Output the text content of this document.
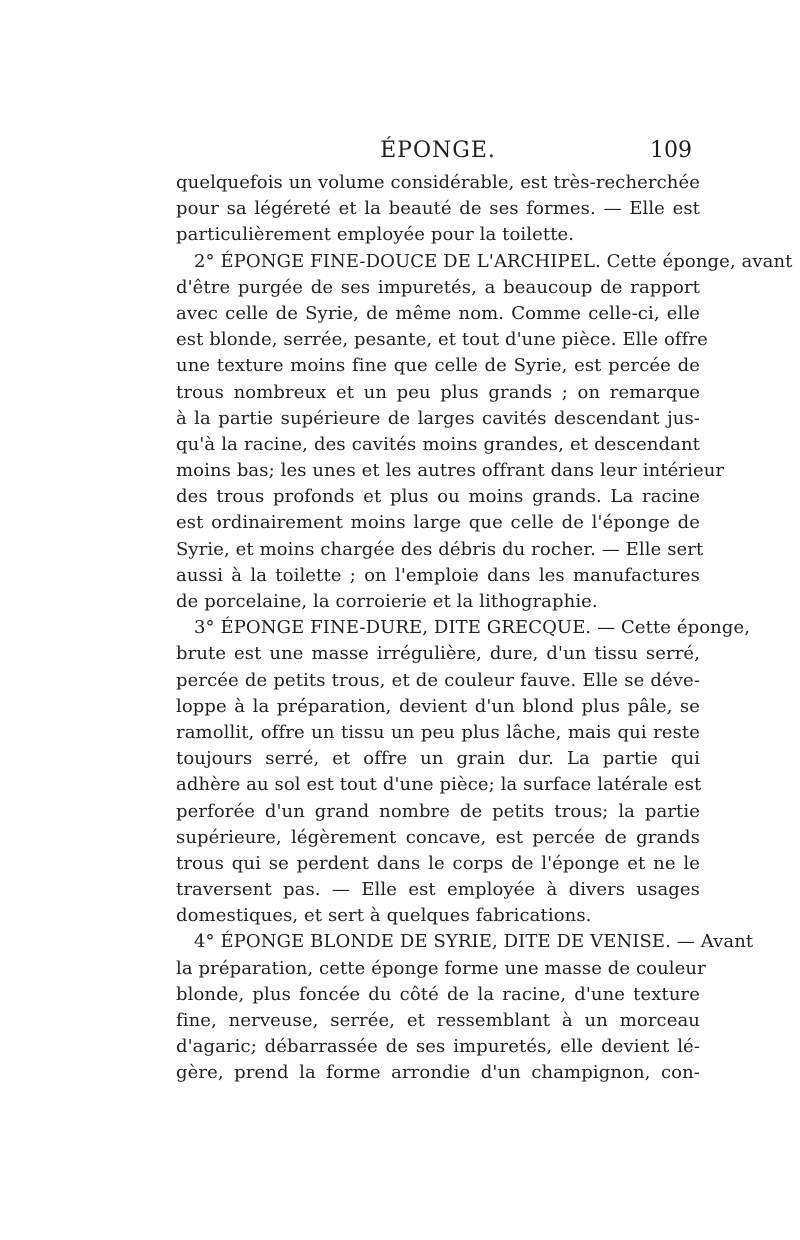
ÉPONGE.	109
quelquefois un volume considérable, est très-recherchée
pour sa légéreté et la beauté de ses formes. — Elle est
particulièrement employée pour la toilette.
2° ÉPONGE FINE-DOUCE DE L'ARCHIPEL. Cette éponge, avant
d'être purgée de ses impuretés, a beaucoup de rapport
avec celle de Syrie, de même nom. Comme celle-ci, elle
est blonde, serrée, pesante, et tout d'une pièce. Elle offre
une texture moins fine que celle de Syrie, est percée de
trous nombreux et un peu plus grands ; on remarque
à la partie supérieure de larges cavités descendant jus-
qu'à la racine, des cavités moins grandes, et descendant
moins bas; les unes et les autres offrant dans leur intérieur
des trous profonds et plus ou moins grands. La racine
est ordinairement moins large que celle de l'éponge de
Syrie, et moins chargée des débris du rocher. — Elle sert
aussi à la toilette ; on l'emploie dans les manufactures
de porcelaine, la corroierie et la lithographie.
3° ÉPONGE FINE-DURE, DITE GRECQUE. — Cette éponge,
brute est une masse irrégulière, dure, d'un tissu serré,
percée de petits trous, et de couleur fauve. Elle se déve-
loppe à la préparation, devient d'un blond plus pâle, se
ramollit, offre un tissu un peu plus lâche, mais qui reste
toujours serré, et offre un grain dur. La partie qui
adhère au sol est tout d'une pièce; la surface latérale est
perforée d'un grand nombre de petits trous; la partie
supérieure, légèrement concave, est percée de grands
trous qui se perdent dans le corps de l'éponge et ne le
traversent pas. — Elle est employée à divers usages
domestiques, et sert à quelques fabrications.
4° ÉPONGE BLONDE DE SYRIE, DITE DE VENISE. — Avant
la préparation, cette éponge forme une masse de couleur
blonde, plus foncée du côté de la racine, d'une texture
fine, nerveuse, serrée, et ressemblant à un morceau
d'agaric; débarrassée de ses impuretés, elle devient lé-
gère, prend la forme arrondie d'un champignon, con-
